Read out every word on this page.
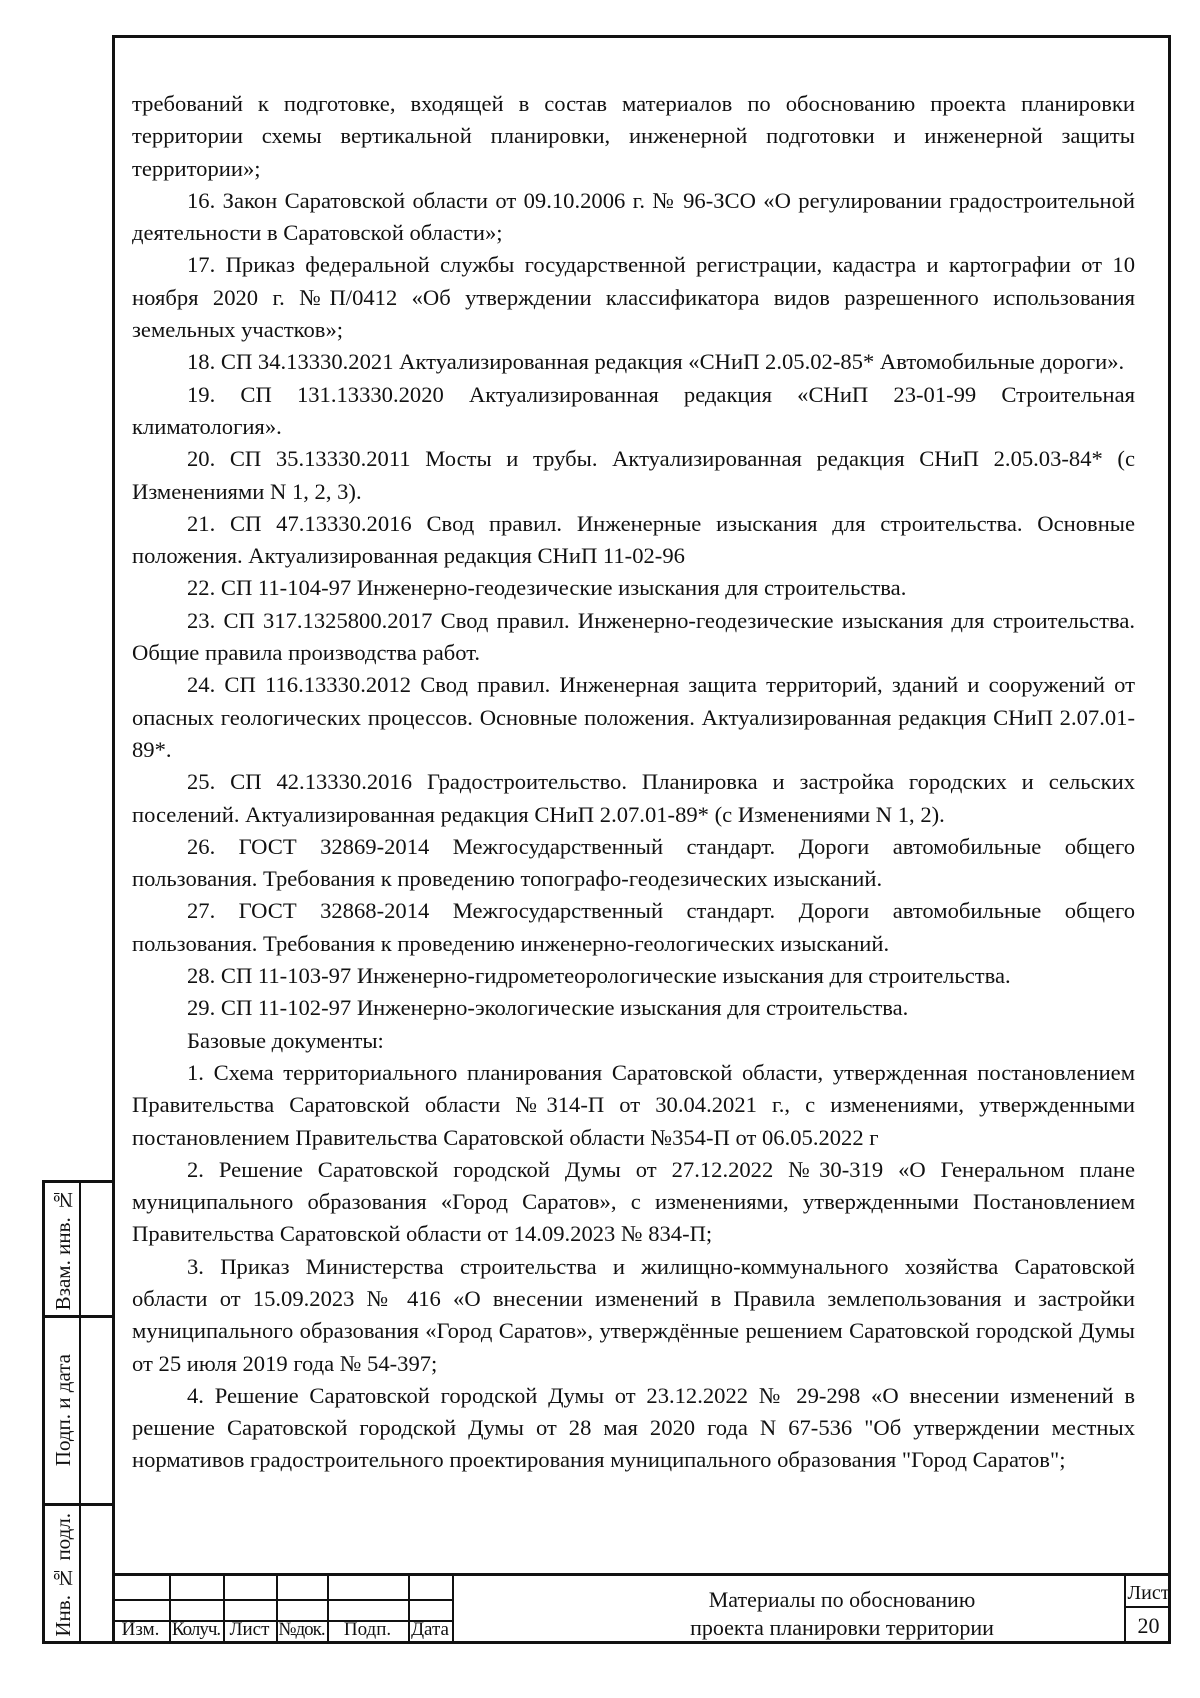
требований к подготовке, входящей в состав материалов по обоснованию проекта планировки территории схемы вертикальной планировки, инженерной подготовки и инженерной защиты территории»;

16. Закон Саратовской области от 09.10.2006 г. № 96-ЗСО «О регулировании градостроительной деятельности в Саратовской области»;

17. Приказ федеральной службы государственной регистрации, кадастра и картографии от 10 ноября 2020 г. №П/0412 «Об утверждении классификатора видов разрешенного использования земельных участков»;

18. СП 34.13330.2021 Актуализированная редакция «СНиП 2.05.02-85* Автомобильные дороги».

19. СП 131.13330.2020 Актуализированная редакция «СНиП 23-01-99 Строительная климатология».

20. СП 35.13330.2011 Мосты и трубы. Актуализированная редакция СНиП 2.05.03-84* (с Изменениями N 1, 2, 3).

21. СП 47.13330.2016 Свод правил. Инженерные изыскания для строительства. Основные положения. Актуализированная редакция СНиП 11-02-96

22. СП 11-104-97 Инженерно-геодезические изыскания для строительства.

23. СП 317.1325800.2017 Свод правил. Инженерно-геодезические изыскания для строительства. Общие правила производства работ.

24. СП 116.13330.2012 Свод правил. Инженерная защита территорий, зданий и сооружений от опасных геологических процессов. Основные положения. Актуализированная редакция СНиП 2.07.01-89*.

25. СП 42.13330.2016 Градостроительство. Планировка и застройка городских и сельских поселений. Актуализированная редакция СНиП 2.07.01-89* (с Изменениями N 1, 2).

26. ГОСТ 32869-2014 Межгосударственный стандарт. Дороги автомобильные общего пользования. Требования к проведению топографо-геодезических изысканий.

27. ГОСТ 32868-2014 Межгосударственный стандарт. Дороги автомобильные общего пользования. Требования к проведению инженерно-геологических изысканий.

28. СП 11-103-97 Инженерно-гидрометеорологические изыскания для строительства.

29. СП 11-102-97 Инженерно-экологические изыскания для строительства.

Базовые документы:

1. Схема территориального планирования Саратовской области, утвержденная постановлением Правительства Саратовской области №314-П от 30.04.2021 г., с изменениями, утвержденными постановлением Правительства Саратовской области №354-П от 06.05.2022 г

2. Решение Саратовской городской Думы от 27.12.2022 №30-319 «О Генеральном плане муниципального образования «Город Саратов», с изменениями, утвержденными Постановлением Правительства Саратовской области от 14.09.2023 № 834-П;

3. Приказ Министерства строительства и жилищно-коммунального хозяйства Саратовской области от 15.09.2023 № 416 «О внесении изменений в Правила землепользования и застройки муниципального образования «Город Саратов», утверждённые решением Саратовской городской Думы от 25 июля 2019 года № 54-397;

4. Решение Саратовской городской Думы от 23.12.2022 № 29-298 «О внесении изменений в решение Саратовской городской Думы от 28 мая 2020 года N 67-536 "Об утверждении местных нормативов градостроительного проектирования муниципального образования "Город Саратов";

Взам. инв. №
Подп. и дата
Инв. № подл.	Изм. Колуч. Лист №док.	Подп.	Дата
Материалы по обоснованию
проекта планировки территории
Лист
20
